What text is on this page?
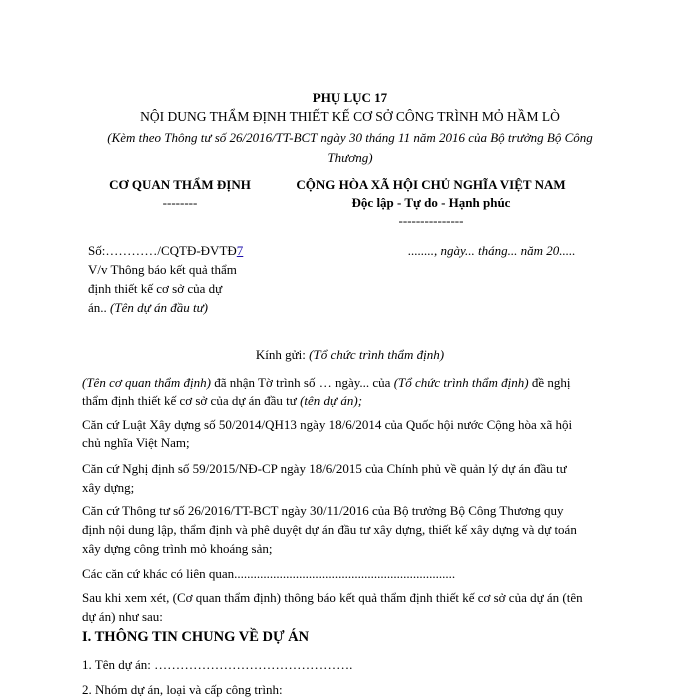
PHỤ LỤC 17
NỘI DUNG THẨM ĐỊNH THIẾT KẾ CƠ SỞ CÔNG TRÌNH MỎ HẦM LÒ
(Kèm theo Thông tư số 26/2016/TT-BCT ngày 30 tháng 11 năm 2016 của Bộ trưởng Bộ Công
Thương)
CƠ QUAN THẨM ĐỊNH
--------
CỘNG HÒA XÃ HỘI CHỦ NGHĨA VIỆT NAM
Độc lập - Tự do - Hạnh phúc
---------------
Số:…………/CQTĐ-ĐVTĐ7	........, ngày... tháng... năm 20.....
V/v Thông báo kết quả thẩm
định thiết kế cơ sở của dự
án.. (Tên dự án đầu tư)
Kính gửi: (Tổ chức trình thẩm định)
(Tên cơ quan thẩm định) đã nhận Tờ trình số … ngày... của (Tổ chức trình thẩm định) đề nghị
thẩm định thiết kế cơ sở của dự án đầu tư (tên dự án);
Căn cứ Luật Xây dựng số 50/2014/QH13 ngày 18/6/2014 của Quốc hội nước Cộng hòa xã hội
chủ nghĩa Việt Nam;
Căn cứ Nghị định số 59/2015/NĐ-CP ngày 18/6/2015 của Chính phủ về quản lý dự án đầu tư
xây dựng;
Căn cứ Thông tư số 26/2016/TT-BCT ngày 30/11/2016 của Bộ trưởng Bộ Công Thương quy
định nội dung lập, thẩm định và phê duyệt dự án đầu tư xây dựng, thiết kế xây dựng và dự toán
xây dựng công trình mỏ khoáng sản;
Các căn cứ khác có liên quan....................................................................
Sau khi xem xét, (Cơ quan thẩm định) thông báo kết quả thẩm định thiết kế cơ sở của dự án (tên
dự án) như sau:
I. THÔNG TIN CHUNG VỀ DỰ ÁN
1. Tên dự án: ……………………………………….
2. Nhóm dự án, loại và cấp công trình:
